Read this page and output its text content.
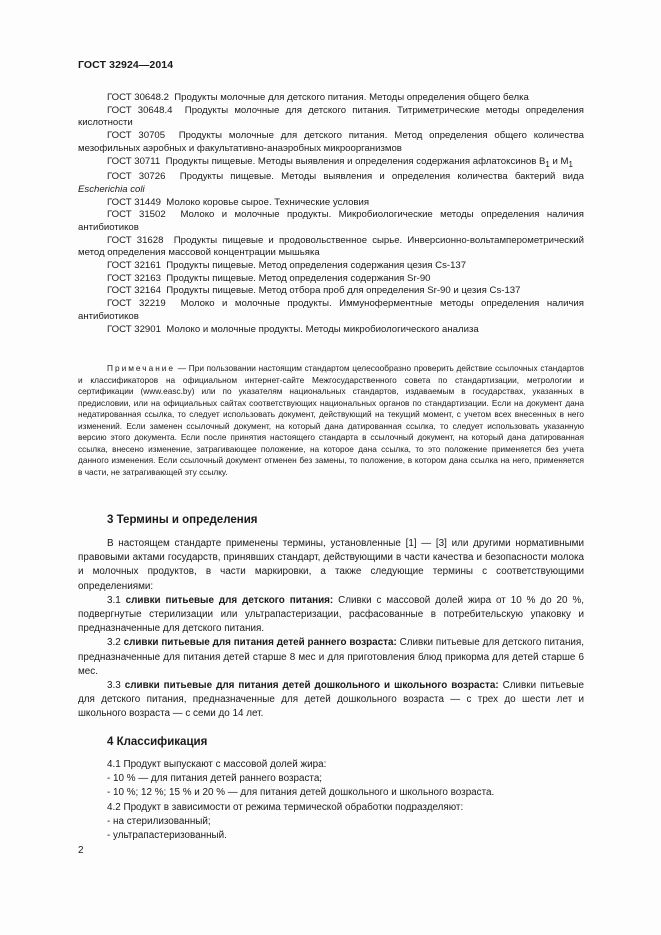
ГОСТ 32924—2014
ГОСТ 30648.2 Продукты молочные для детского питания. Методы определения общего белка
ГОСТ 30648.4 Продукты молочные для детского питания. Титриметрические методы определения кислотности
ГОСТ 30705 Продукты молочные для детского питания. Метод определения общего количества мезофильных аэробных и факультативно-анаэробных микроорганизмов
ГОСТ 30711 Продукты пищевые. Методы выявления и определения содержания афлатоксинов $B_1$ и $M_1$
ГОСТ 30726 Продукты пищевые. Методы выявления и определения количества бактерий вида Escherichia coli
ГОСТ 31449 Молоко коровье сырое. Технические условия
ГОСТ 31502 Молоко и молочные продукты. Микробиологические методы определения наличия антибиотиков
ГОСТ 31628 Продукты пищевые и продовольственное сырье. Инверсионно-вольтамперометрический метод определения массовой концентрации мышьяка
ГОСТ 32161 Продукты пищевые. Метод определения содержания цезия Cs-137
ГОСТ 32163 Продукты пищевые. Метод определения содержания Sr-90
ГОСТ 32164 Продукты пищевые. Метод отбора проб для определения Sr-90 и цезия Cs-137
ГОСТ 32219 Молоко и молочные продукты. Иммуноферментные методы определения наличия антибиотиков
ГОСТ 32901 Молоко и молочные продукты. Методы микробиологического анализа
Примечание — При пользовании настоящим стандартом целесообразно проверить действие ссылочных стандартов и классификаторов на официальном интернет-сайте Межгосударственного совета по стандартизации, метрологии и сертификации (www.easc.by) или по указателям национальных стандартов, издаваемым в государствах, указанных в предисловии, или на официальных сайтах соответствующих национальных органов по стандартизации. Если на документ дана недатированная ссылка, то следует использовать документ, действующий на текущий момент, с учетом всех внесенных в него изменений. Если заменен ссылочный документ, на который дана датированная ссылка, то следует использовать указанную версию этого документа. Если после принятия настоящего стандарта в ссылочный документ, на который дана датированная ссылка, внесено изменение, затрагивающее положение, на которое дана ссылка, то это положение применяется без учета данного изменения. Если ссылочный документ отменен без замены, то положение, в котором дана ссылка на него, применяется в части, не затрагивающей эту ссылку.
3 Термины и определения
В настоящем стандарте применены термины, установленные [1] — [3] или другими нормативными правовыми актами государств, принявших стандарт, действующими в части качества и безопасности молока и молочных продуктов, в части маркировки, а также следующие термины с соответствующими определениями:
3.1 сливки питьевые для детского питания: Сливки с массовой долей жира от 10 % до 20 %, подвергнутые стерилизации или ультрапастеризации, расфасованные в потребительскую упаковку и предназначенные для детского питания.
3.2 сливки питьевые для питания детей раннего возраста: Сливки питьевые для детского питания, предназначенные для питания детей старше 8 мес и для приготовления блюд прикорма для детей старше 6 мес.
3.3 сливки питьевые для питания детей дошкольного и школьного возраста: Сливки питьевые для детского питания, предназначенные для детей дошкольного возраста — с трех до шести лет и школьного возраста — с семи до 14 лет.
4 Классификация
4.1 Продукт выпускают с массовой долей жира:
- 10 % — для питания детей раннего возраста;
- 10 %; 12 %; 15 % и 20 % — для питания детей дошкольного и школьного возраста.
4.2 Продукт в зависимости от режима термической обработки подразделяют:
- на стерилизованный;
- ультрапастеризованный.
2
